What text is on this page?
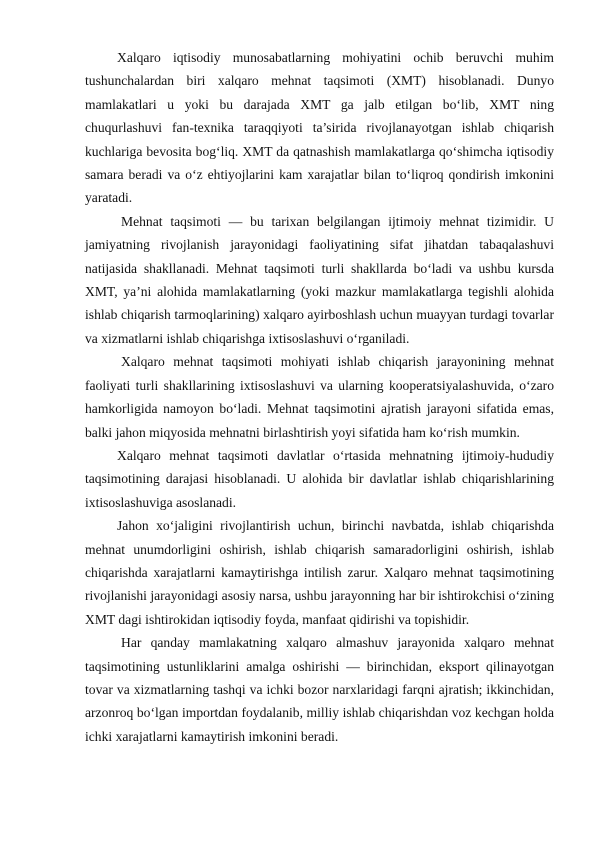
Xalqaro iqtisodiy munosabatlarning mohiyatini ochib beruvchi muhim tushunchalardan biri xalqaro mehnat taqsimoti (XMT) hisoblanadi. Dunyo mamlakatlari u yoki bu darajada XMT ga jalb etilgan bo‘lib, XMT ning chuqurlashuvi fan-texnika taraqqiyoti ta’sirida rivojlanayotgan ishlab chiqarish kuchlariga bevosita bog‘liq. XMT da qatnashish mamlakatlarga qo‘shimcha iqtisodiy samara beradi va o‘z ehtiyojlarini kam xarajatlar bilan to‘liqroq qondirish imkonini yaratadi.

Mehnat taqsimoti — bu tarixan belgilangan ijtimoiy mehnat tizimidir. U jamiyatning rivojlanish jarayonidagi faoliyatining sifat jihatdan tabaqalashuvi natijasida shakllanadi. Mehnat taqsimoti turli shakllarda bo‘ladi va ushbu kursda XMT, ya’ni alohida mamlakatlarning (yoki mazkur mamlakatlarga tegishli alohida ishlab chiqarish tarmoqlarining) xalqaro ayirboshlash uchun muayyan turdagi tovarlar va xizmatlarni ishlab chiqarishga ixtisoslashuvi o‘rganiladi.

Xalqaro mehnat taqsimoti mohiyati ishlab chiqarish jarayonining mehnat faoliyati turli shakllarining ixtisoslashuvi va ularning kooperatsiyalashuvida, o‘zaro hamkorligida namoyon bo‘ladi. Mehnat taqsimotini ajratish jarayoni sifatida emas, balki jahon miqyosida mehnatni birlashtirish yoyi sifatida ham ko‘rish mumkin.

Xalqaro mehnat taqsimoti davlatlar o‘rtasida mehnatning ijtimoiy-hududiy taqsimotining darajasi hisoblanadi. U alohida bir davlatlar ishlab chiqarishlarining ixtisoslashuviga asoslanadi.

Jahon xo‘jaligini rivojlantirish uchun, birinchi navbatda, ishlab chiqarishda mehnat unumdorligini oshirish, ishlab chiqarish samaradorligini oshirish, ishlab chiqarishda xarajatlarni kamaytirishga intilish zarur. Xalqaro mehnat taqsimotining rivojlanishi jarayonidagi asosiy narsa, ushbu jarayonning har bir ishtirokchisi o‘zining XMT dagi ishtirokidan iqtisodiy foyda, manfaat qidirishi va topishidir.

Har qanday mamlakatning xalqaro almashuv jarayonida xalqaro mehnat taqsimotining ustunliklarini amalga oshirishi — birinchidan, eksport qilinayotgan tovar va xizmatlarning tashqi va ichki bozor narxlaridagi farqni ajratish; ikkinchidan, arzonroq bo‘lgan importdan foydalanib, milliy ishlab chiqarishdan voz kechgan holda ichki xarajatlarni kamaytirish imkonini beradi.
